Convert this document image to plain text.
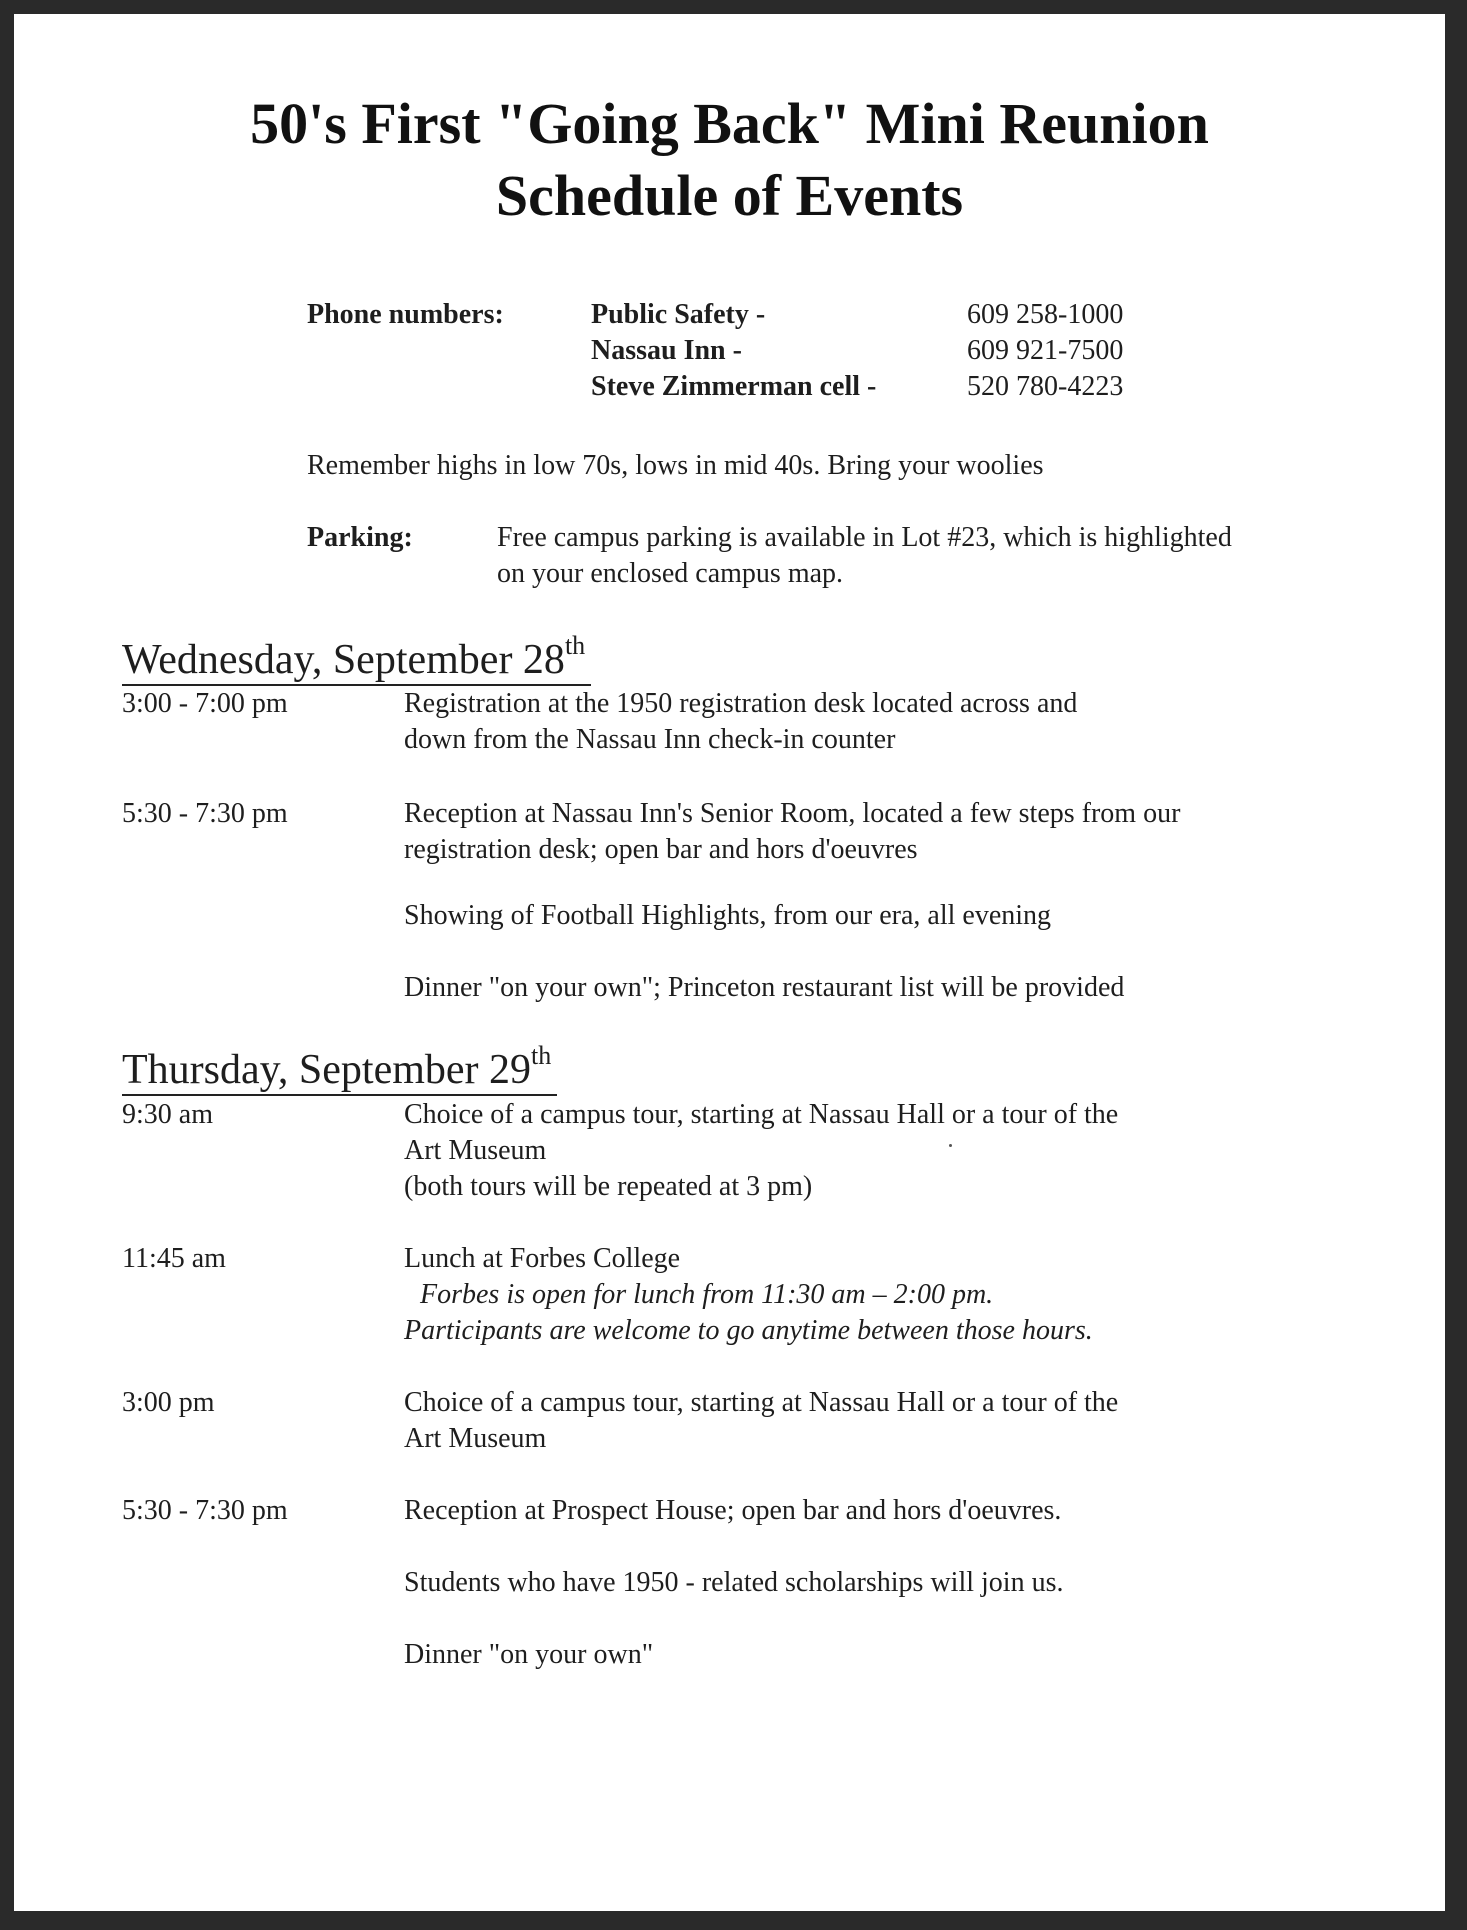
50's First "Going Back" Mini Reunion
Schedule of Events
Phone numbers:	Public Safety -	609 258-1000
Nassau Inn -	609 921-7500
Steve Zimmerman cell -	520 780-4223
Remember highs in low 70s, lows in mid 40s. Bring your woolies
Parking:	Free campus parking is available in Lot #23, which is highlighted
on your enclosed campus map.
Wednesday, September 28th
3:00 - 7:00 pm	Registration at the 1950 registration desk located across and
down from the Nassau Inn check-in counter
5:30 - 7:30 pm	Reception at Nassau Inn's Senior Room, located a few steps from our
registration desk; open bar and hors d'oeuvres
Showing of Football Highlights, from our era, all evening
Dinner "on your own"; Princeton restaurant list will be provided
Thursday, September 29th
9:30 am	Choice of a campus tour, starting at Nassau Hall or a tour of the
Art Museum
(both tours will be repeated at 3 pm)
11:45 am	Lunch at Forbes College
Forbes is open for lunch from 11:30 am – 2:00 pm.
Participants are welcome to go anytime between those hours.
3:00 pm	Choice of a campus tour, starting at Nassau Hall or a tour of the
Art Museum
5:30 - 7:30 pm	Reception at Prospect House; open bar and hors d'oeuvres.
Students who have 1950 - related scholarships will join us.
Dinner "on your own"
